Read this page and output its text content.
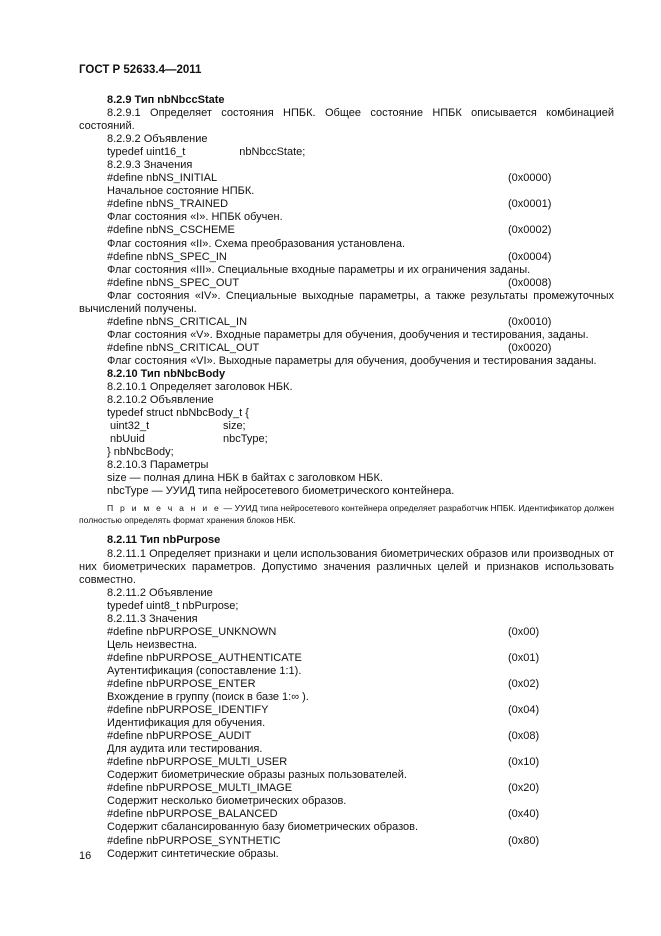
ГОСТ Р 52633.4—2011
8.2.9 Тип nbNbccState
8.2.9.1 Определяет состояния НПБК. Общее состояние НПБК описывается комбинацией
состояний.
8.2.9.2 Объявление
typedef uint16_t	nbNbccState;
8.2.9.3 Значения
#define nbNS_INITIAL	(0x0000)
Начальное состояние НПБК.
#define nbNS_TRAINED	(0x0001)
Флаг состояния «I». НПБК обучен.
#define nbNS_CSCHEME	(0x0002)
Флаг состояния «II». Схема преобразования установлена.
#define nbNS_SPEC_IN	(0x0004)
Флаг состояния «III». Специальные входные параметры и их ограничения заданы.
#define nbNS_SPEC_OUT	(0x0008)
Флаг состояния «IV». Специальные выходные параметры, а также результаты промежуточных
вычислений получены.
#define nbNS_CRITICAL_IN	(0x0010)
Флаг состояния «V». Входные параметры для обучения, дообучения и тестирования, заданы.
#define nbNS_CRITICAL_OUT	(0x0020)
Флаг состояния «VI». Выходные параметры для обучения, дообучения и тестирования заданы.
8.2.10 Тип nbNbcBody
8.2.10.1 Определяет заголовок НБК.
8.2.10.2 Объявление
typedef struct nbNbcBody_t {
uint32_t	size;
nbUuid	nbcType;
} nbNbcBody;
8.2.10.3 Параметры
size — полная длина НБК в байтах с заголовком НБК.
nbcType — УУИД типа нейросетевого биометрического контейнера.
П р и м е ч а н и е — УУИД типа нейросетевого контейнера определяет разработчик НПБК. Идентификатор должен полностью определять формат хранения блоков НБК.
8.2.11 Тип nbPurpose
8.2.11.1 Определяет признаки и цели использования биометрических образов или производных от них биометрических параметров. Допустимо значения различных целей и признаков использовать совместно.
8.2.11.2 Объявление
typedef uint8_t nbPurpose;
8.2.11.3 Значения
#define nbPURPOSE_UNKNOWN	(0x00)
Цель неизвестна.
#define nbPURPOSE_AUTHENTICATE	(0x01)
Аутентификация (сопоставление 1:1).
#define nbPURPOSE_ENTER	(0x02)
Вхождение в группу (поиск в базе 1:∞ ).
#define nbPURPOSE_IDENTIFY	(0x04)
Идентификация для обучения.
#define nbPURPOSE_AUDIT	(0x08)
Для аудита или тестирования.
#define nbPURPOSE_MULTI_USER	(0x10)
Содержит биометрические образы разных пользователей.
#define nbPURPOSE_MULTI_IMAGE	(0x20)
Содержит несколько биометрических образов.
#define nbPURPOSE_BALANCED	(0x40)
Содержит сбалансированную базу биометрических образов.
#define nbPURPOSE_SYNTHETIC	(0x80)
Содержит синтетические образы.
16
